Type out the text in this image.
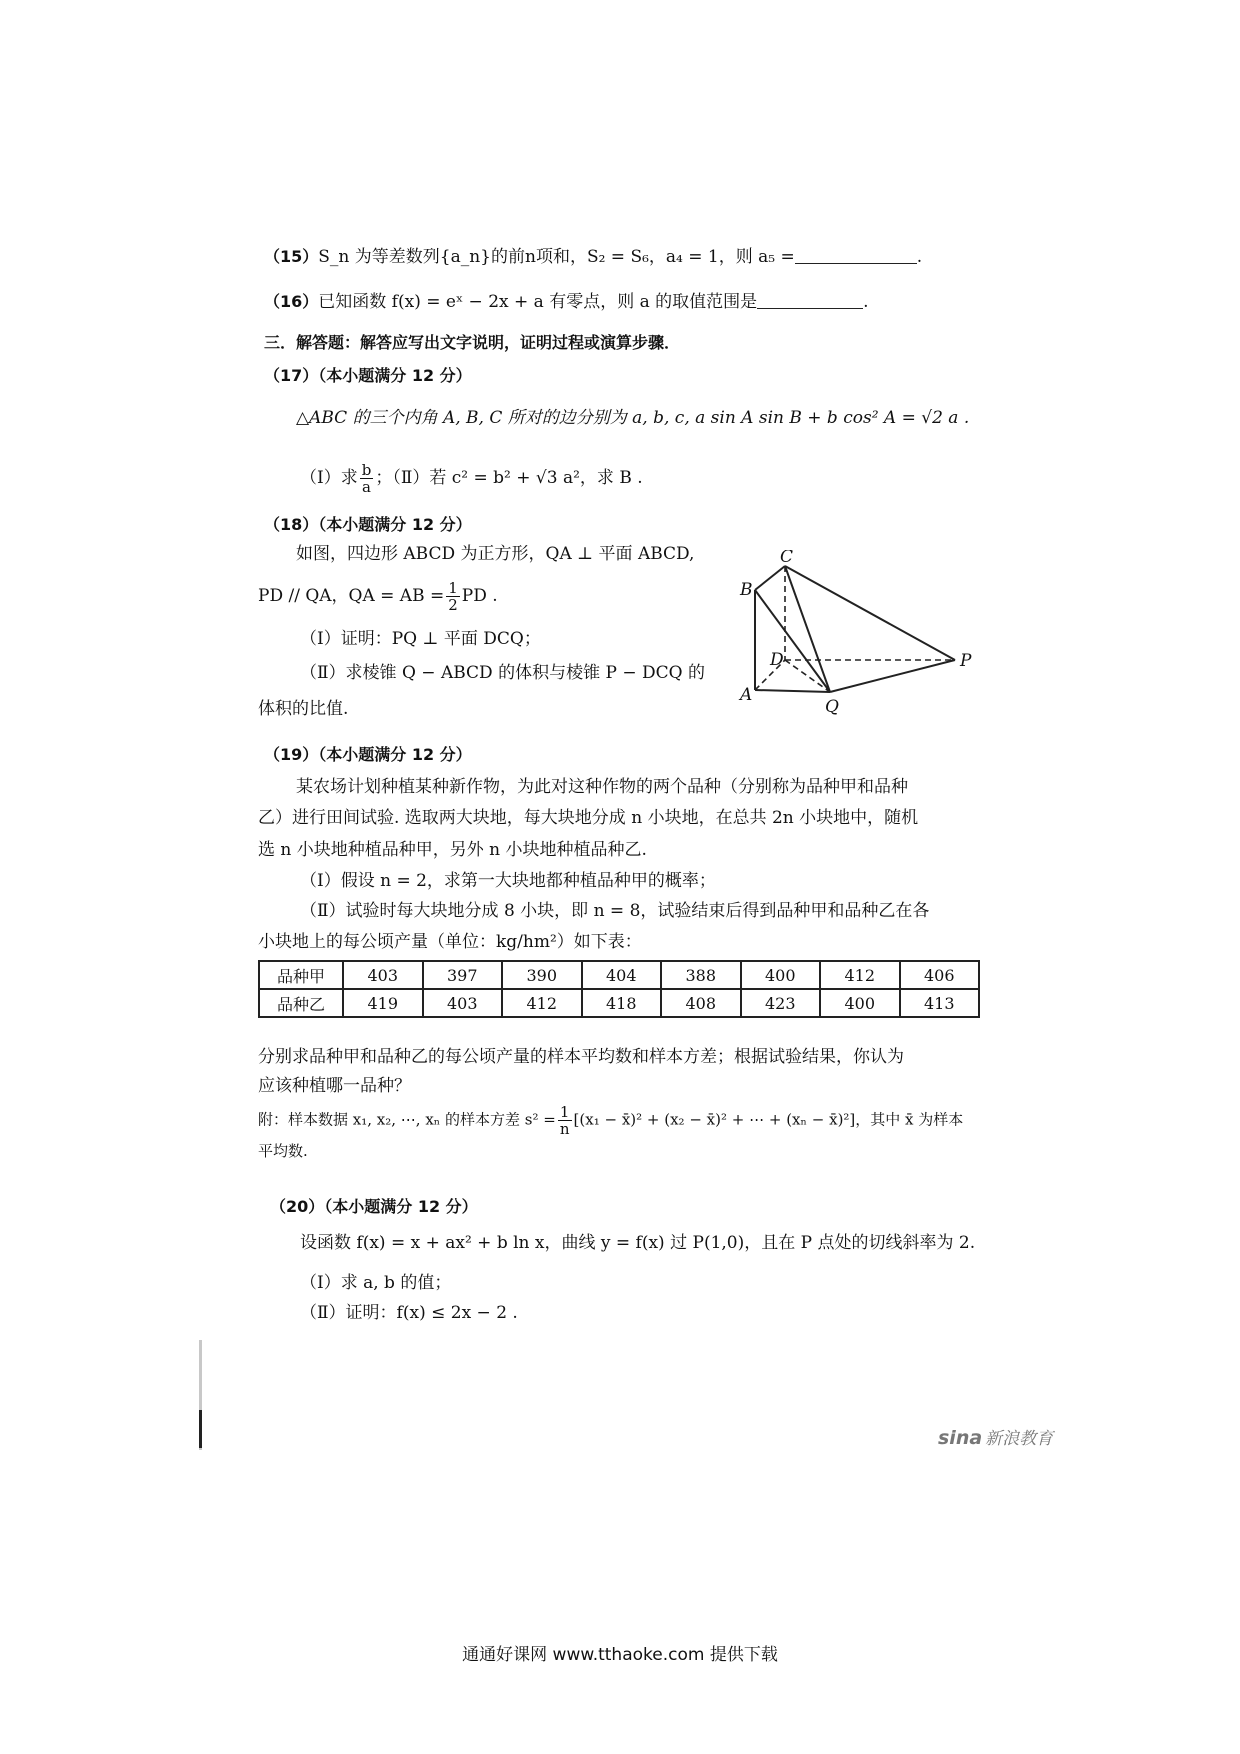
（15）S_n 为等差数列{a_n}的前n项和，S₂ = S₆，a₄ = 1，则 a₅ =	.
（16）已知函数 f(x) = eˣ − 2x + a 有零点，则 a 的取值范围是	.
三．解答题：解答应写出文字说明，证明过程或演算步骤．
（17）（本小题满分 12 分）
△ABC 的三个内角 A, B, C 所对的边分别为 a, b, c, a sin A sin B + b cos² A = √2 a .
（Ⅰ）求 $\frac{b}{a}$ ；（Ⅱ）若 c² = b² + √3 a²，求 B .
（18）（本小题满分 12 分）
如图，四边形 ABCD 为正方形，QA ⊥ 平面 ABCD,
PD // QA，QA = AB = $\frac{1}{2}$ PD .
（Ⅰ）证明：PQ ⊥ 平面 DCQ；
（Ⅱ）求棱锥 Q − ABCD 的体积与棱锥 P − DCQ 的
体积的比值.
C
B
D	P
A
Q
（19）（本小题满分 12 分）
某农场计划种植某种新作物，为此对这种作物的两个品种（分别称为品种甲和品种
乙）进行田间试验. 选取两大块地，每大块地分成 n 小块地，在总共 2n 小块地中，随机
选 n 小块地种植品种甲，另外 n 小块地种植品种乙.
（Ⅰ）假设 n = 2，求第一大块地都种植品种甲的概率；
（Ⅱ）试验时每大块地分成 8 小块，即 n = 8，试验结束后得到品种甲和品种乙在各
小块地上的每公顷产量（单位：kg/hm²）如下表：
品种甲	403	397	390	404	388	400	412	406
品种乙	419	403	412	418	408	423	400	413
分别求品种甲和品种乙的每公顷产量的样本平均数和样本方差；根据试验结果，你认为
应该种植哪一品种？
附：样本数据 x₁, x₂, ⋯, xₙ 的样本方差 $s^2 = \frac{1}{n} [(x_1$ − x̄)² + (x₂ − x̄)² + ⋯ + (xₙ − x̄)²]，其中 x̄ 为样本
平均数.
（20）（本小题满分 12 分）
设函数 f(x) = x + ax² + b ln x，曲线 y = f(x) 过 P(1,0)，且在 P 点处的切线斜率为 2.
（Ⅰ）求 a, b 的值；
（Ⅱ）证明：f(x) ≤ 2x − 2 .
sina 新浪教育
通通好课网 www.tthaoke.com 提供下载
